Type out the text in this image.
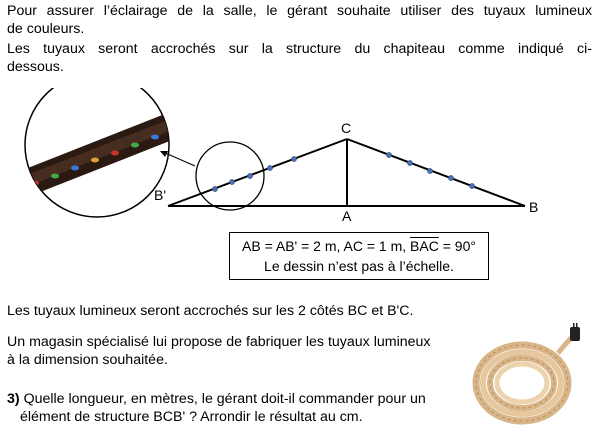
Pour assurer l’éclairage de la salle, le gérant souhaite utiliser des tuyaux lumineux

de couleurs.

Les tuyaux seront accrochés sur la structure du chapiteau comme indiqué ci-

dessous.

C
A
B
B'
AB = AB' = 2 m, AC = 1 m, $\overline{BAC} = 90^\circ$
Le dessin n’est pas à l’échelle.

Les tuyaux lumineux seront accrochés sur les 2 côtés BC et B'C.

Un magasin spécialisé lui propose de fabriquer les tuyaux lumineux

à la dimension souhaitée.

3) Quelle longueur, en mètres, le gérant doit-il commander pour un
élément de structure BCB' ? Arrondir le résultat au cm.
